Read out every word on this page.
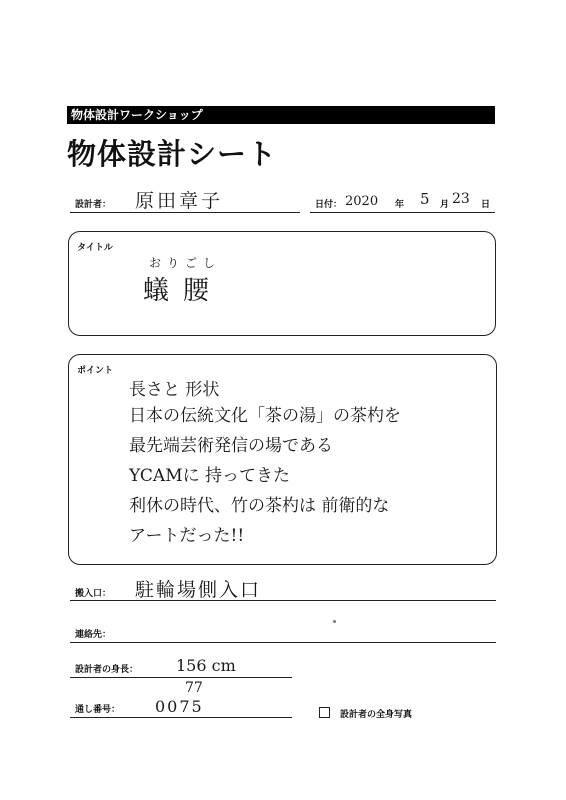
物体設計ワークショップ
物体設計シート
設計者： 原田章子	日付： 2020 年 5 月 23 日
タイトル
おりごし
蟻腰
ポイント
長さと 形状
日本の伝統文化「茶の湯」の茶杓を
最先端芸術発信の場である
YCAMに 持ってきた
利休の時代、竹の茶杓は 前衛的な
アートだった!!
搬入口： 駐輪場側入口
連絡先：
設計者の身長： 156 cm
通し番号：
77
0075	設計者の全身写真
